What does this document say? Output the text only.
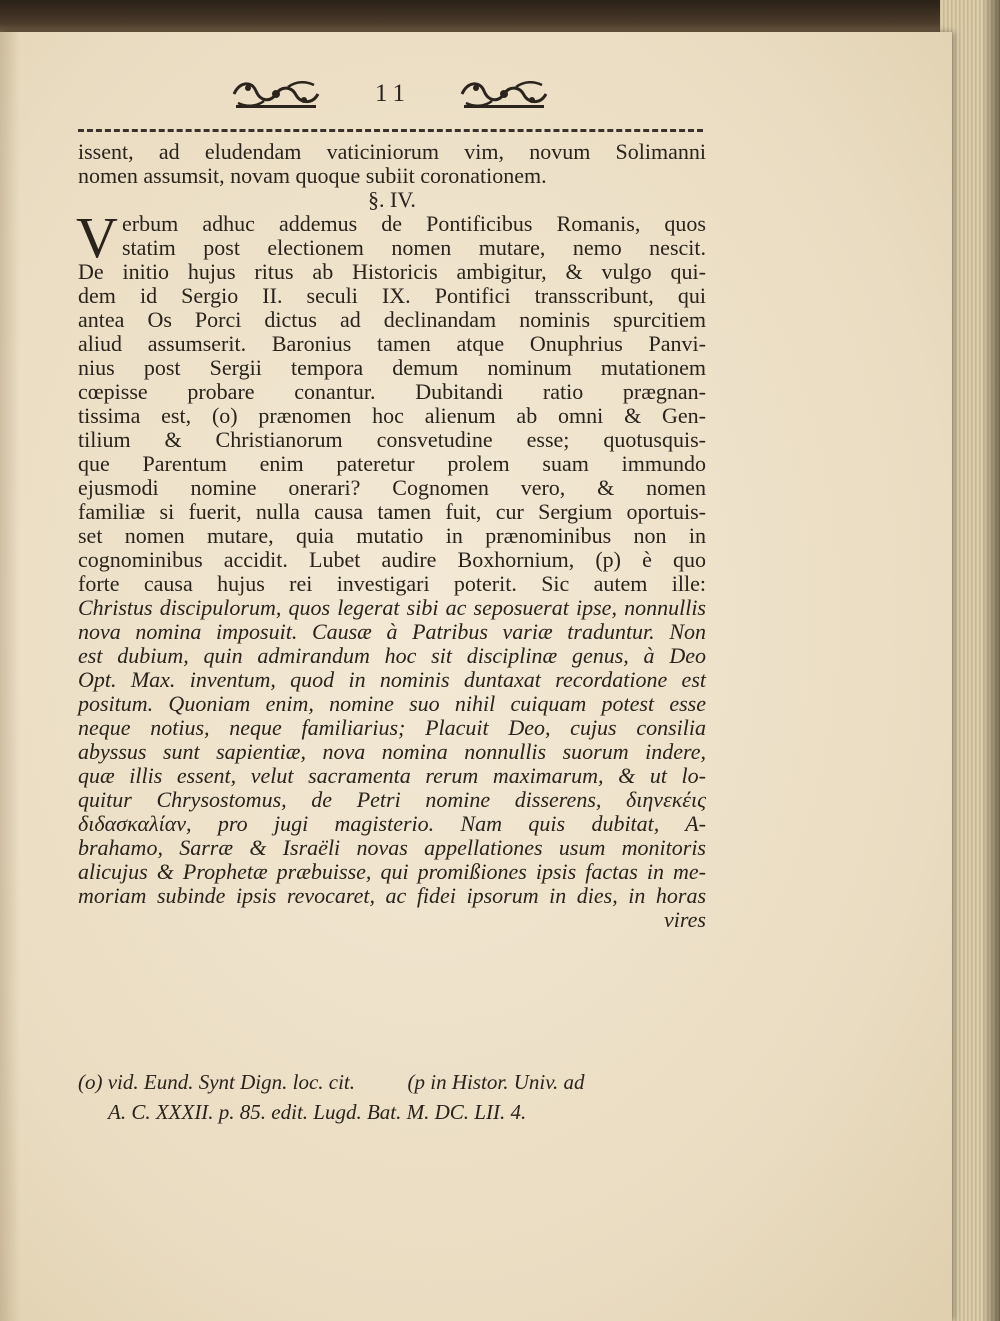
11
issent, ad eludendam vaticiniorum vim, novum Solimanni
nomen assumsit, novam quoque subiit coronationem.
§. IV.
V erbum adhuc addemus de Pontificibus Romanis, quos
statim post electionem nomen mutare, nemo nescit.
De initio hujus ritus ab Historicis ambigitur, & vulgo qui-
dem id Sergio II. seculi IX. Pontifici transscribunt, qui
antea Os Porci dictus ad declinandam nominis spurcitiem
aliud assumserit. Baronius tamen atque Onuphrius Panvi-
nius post Sergii tempora demum nominum mutationem
cœpisse probare conantur. Dubitandi ratio prægnan-
tissima est, (o) prænomen hoc alienum ab omni & Gen-
tilium & Christianorum consvetudine esse; quotusquis-
que Parentum enim pateretur prolem suam immundo
ejusmodi nomine onerari? Cognomen vero, & nomen
familiæ si fuerit, nulla causa tamen fuit, cur Sergium oportuis-
set nomen mutare, quia mutatio in prænominibus non in
cognominibus accidit. Lubet audire Boxhornium, (p) è quo
forte causa hujus rei investigari poterit. Sic autem ille:
Christus discipulorum, quos legerat sibi ac seposuerat ipse, nonnullis
nova nomina imposuit. Causæ à Patribus variæ traduntur. Non
est dubium, quin admirandum hoc sit disciplinæ genus, à Deo
Opt. Max. inventum, quod in nominis duntaxat recordatione est
positum. Quoniam enim, nomine suo nihil cuiquam potest esse
neque notius, neque familiarius; Placuit Deo, cujus consilia
abyssus sunt sapientiæ, nova nomina nonnullis suorum indere,
quæ illis essent, velut sacramenta rerum maximarum, & ut lo-
quitur Chrysostomus, de Petri nomine disserens, διηνεκέις
διδασκαλίαν, pro jugi magisterio. Nam quis dubitat, A-
brahamo, Sarræ & Israëli novas appellationes usum monitoris
alicujus & Prophetæ præbuisse, qui promißiones ipsis factas in me-
moriam subinde ipsis revocaret, ac fidei ipsorum in dies, in horas
vires
(o) vid. Eund. Synt Dign. loc. cit.          (p in Histor. Univ. ad
A. C. XXXII. p. 85. edit. Lugd. Bat. M. DC. LII. 4.
